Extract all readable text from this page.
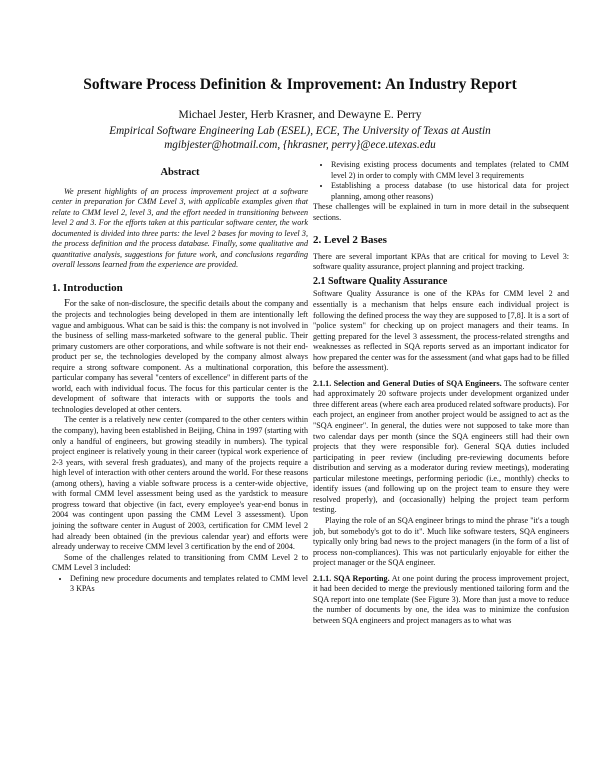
Software Process Definition & Improvement: An Industry Report
Michael Jester, Herb Krasner, and Dewayne E. Perry
Empirical Software Engineering Lab (ESEL), ECE, The University of Texas at Austin
mgibjester@hotmail.com, {hkrasner, perry}@ece.utexas.edu
Abstract

We present highlights of an process improvement project at a software center in preparation for CMM Level 3, with applicable examples given that relate to CMM level 2, level 3, and the effort needed in transitioning between level 2 and 3. For the efforts taken at this particular software center, the work documented is divided into three parts: the level 2 bases for moving to level 3, the process definition and the process database. Finally, some qualitative and quantitative analysis, suggestions for future work, and conclusions regarding overall lessons learned from the experience are provided.

1. Introduction

For the sake of non-disclosure, the specific details about the company and the projects and technologies being developed in them are intentionally left vague and ambiguous. What can be said is this: the company is not involved in the business of selling mass-marketed software to the general public. Their primary customers are other corporations, and while software is not their end-product per se, the technologies developed by the company almost always require a strong software component. As a multinational corporation, this particular company has several "centers of excellence" in different parts of the world, each with individual focus. The focus for this particular center is the development of software that interacts with or supports the tools and technologies developed at other centers.

The center is a relatively new center (compared to the other centers within the company), having been established in Beijing, China in 1997 (starting with only a handful of engineers, but growing steadily in numbers). The typical project engineer is relatively young in their career (typical work experience of 2-3 years, with several fresh graduates), and many of the projects require a high level of interaction with other centers around the world. For these reasons (among others), having a viable software process is a center-wide objective, with formal CMM level assessment being used as the yardstick to measure progress toward that objective (in fact, every employee's year-end bonus in 2004 was contingent upon passing the CMM Level 3 assessment). Upon joining the software center in August of 2003, certification for CMM level 2 had already been obtained (in the previous calendar year) and efforts were already underway to receive CMM level 3 certification by the end of 2004.

Some of the challenges related to transitioning from CMM Level 2 to CMM Level 3 included:

• Defining new procedure documents and templates related to CMM level 3 KPAs
• Revising existing process documents and templates (related to CMM level 2) in order to comply with CMM level 3 requirements
• Establishing a process database (to use historical data for project planning, among other reasons)

These challenges will be explained in turn in more detail in the subsequent sections.

2. Level 2 Bases

There are several important KPAs that are critical for moving to Level 3: software quality assurance, project planning and project tracking.

2.1 Software Quality Assurance

Software Quality Assurance is one of the KPAs for CMM level 2 and essentially is a mechanism that helps ensure each individual project is following the defined process the way they are supposed to [7,8]. It is a sort of "police system" for checking up on project managers and their teams. In getting prepared for the level 3 assessment, the process-related strengths and weaknesses as reflected in SQA reports served as an important indicator for how prepared the center was for the assessment (and what gaps had to be filled before the assessment).

2.1.1. Selection and General Duties of SQA Engineers. The software center had approximately 20 software projects under development organized under three different areas (where each area produced related software products). For each project, an engineer from another project would be assigned to act as the "SQA engineer". In general, the duties were not supposed to take more than two calendar days per month (since the SQA engineers still had their own projects that they were responsible for). General SQA duties included participating in peer review (including pre-reviewing documents before distribution and serving as a moderator during review meetings), moderating particular milestone meetings, performing periodic (i.e., monthly) checks to identify issues (and following up on the project team to ensure they were resolved properly), and (occasionally) helping the project team perform testing.

Playing the role of an SQA engineer brings to mind the phrase "it's a tough job, but somebody's got to do it". Much like software testers, SQA engineers typically only bring bad news to the project managers (in the form of a list of process non-compliances). This was not particularly enjoyable for either the project manager or the SQA engineer.

2.1.1. SQA Reporting. At one point during the process improvement project, it had been decided to merge the previously mentioned tailoring form and the SQA report into one template (See Figure 3). More than just a move to reduce the number of documents by one, the idea was to minimize the confusion between SQA engineers and project managers as to what was
